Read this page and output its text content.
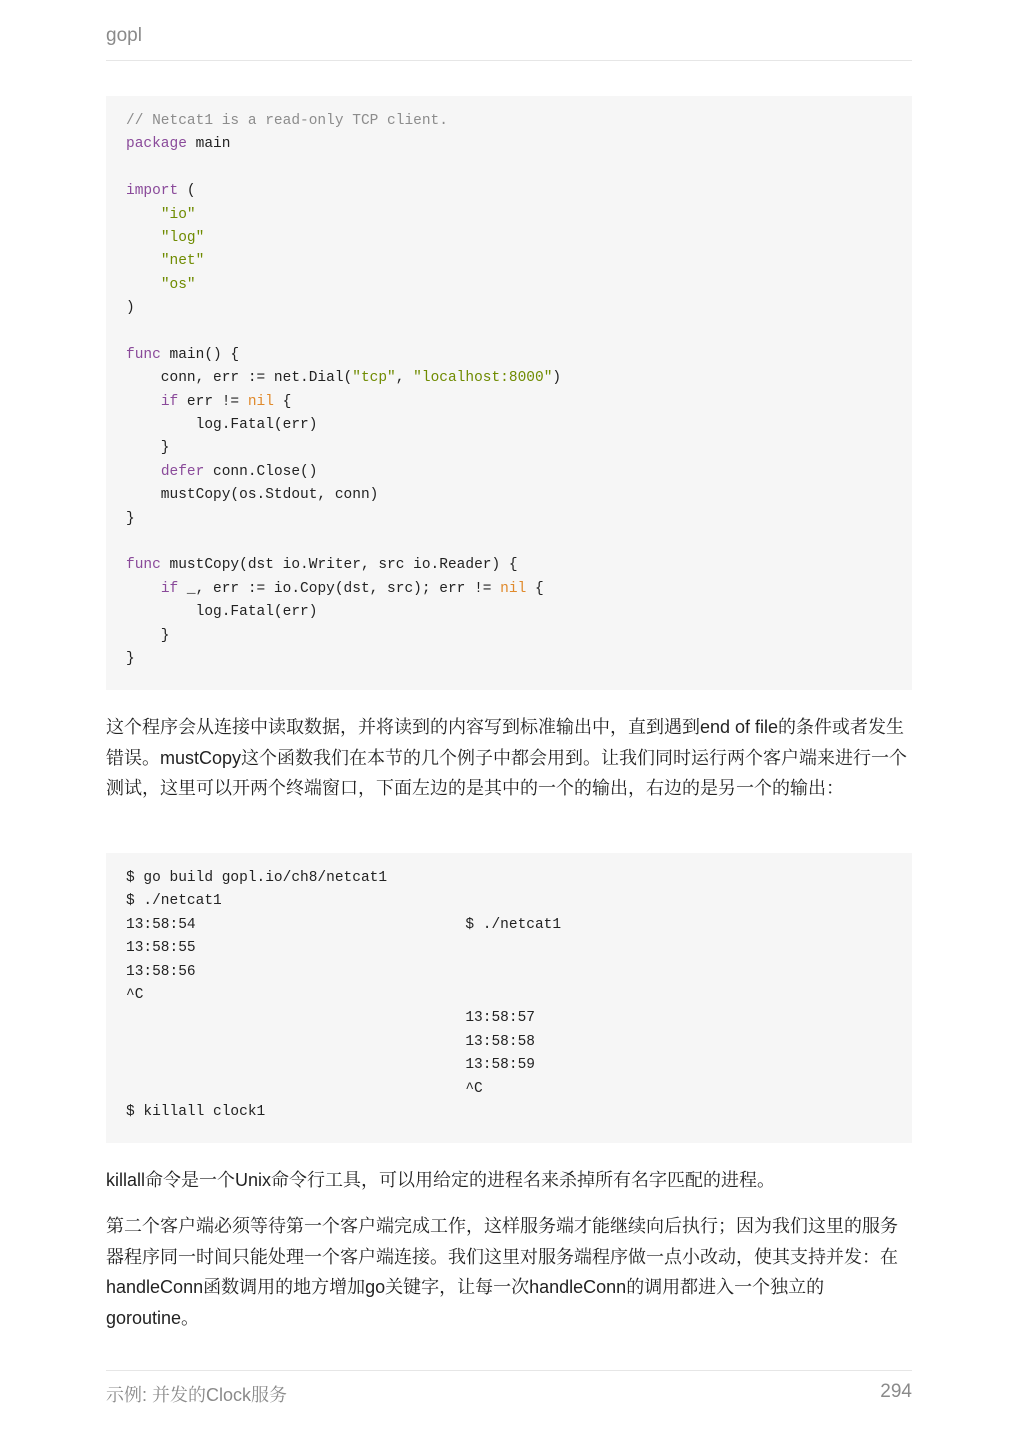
gopl
// Netcat1 is a read-only TCP client.
package main
import (
"io"
"log"
"net"
"os"
)
func main() {
conn, err := net.Dial("tcp", "localhost:8000")
if err != nil {
log.Fatal(err)
}
defer conn.Close()
mustCopy(os.Stdout, conn)
}
func mustCopy(dst io.Writer, src io.Reader) {
if _, err := io.Copy(dst, src); err != nil {
log.Fatal(err)
}
}

这个程序会从连接中读取数据，并将读到的内容写到标准输出中，直到遇到end of file的条件或者发生错误。mustCopy这个函数我们在本节的几个例子中都会用到。让我们同时运行两个客户端来进行一个测试，这里可以开两个终端窗口，下面左边的是其中的一个的输出，右边的是另一个的输出：

$ go build gopl.io/ch8/netcat1
$ ./netcat1
13:58:54                               $ ./netcat1
13:58:55
13:58:56
^C
13:58:57
13:58:58
13:58:59
^C
$ killall clock1

killall命令是一个Unix命令行工具，可以用给定的进程名来杀掉所有名字匹配的进程。

第二个客户端必须等待第一个客户端完成工作，这样服务端才能继续向后执行；因为我们这里的服务器程序同一时间只能处理一个客户端连接。我们这里对服务端程序做一点小改动，使其支持并发：在handleConn函数调用的地方增加go关键字，让每一次handleConn的调用都进入一个独立的goroutine。

示例: 并发的Clock服务	294
